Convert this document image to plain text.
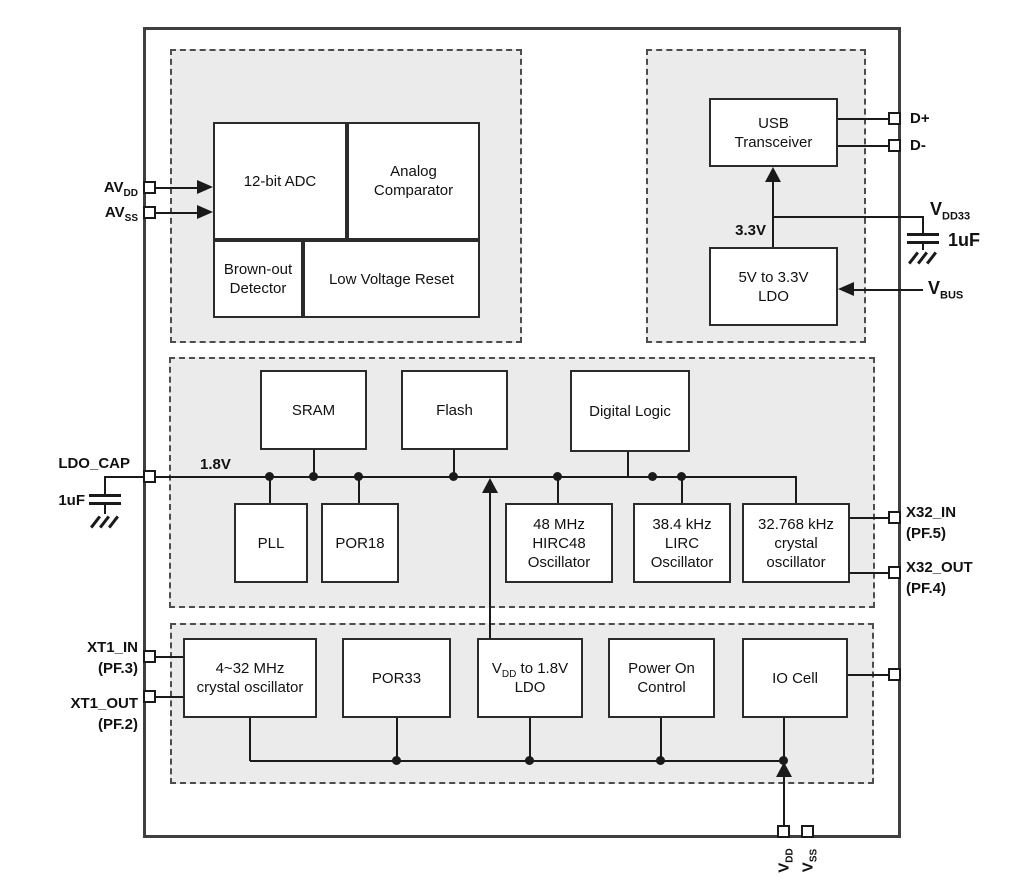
12-bit ADC
Analog
Comparator
Brown-out
Detector
Low Voltage Reset
USB
Transceiver
5V to 3.3V
LDO
SRAM	Flash	Digital Logic
PLL	POR18
48 MHz
HIRC48
Oscillator
38.4 kHz
LIRC
Oscillator
32.768 kHz
crystal
oscillator
4~32 MHz
crystal oscillator
POR33
$V_{DD}$ to 1.8V
LDO
Power On
Control
IO Cell
$AV_{DD}$
$AV_{SS}$
LDO_CAP
1uF
XT1_IN
(PF.3)
XT1_OUT
(PF.2)
D+
D-
$V_{DD33}$
1uF
$V_{BUS}$
X32_IN
(PF.5)
X32_OUT
(PF.4)
1.8V
3.3V
$V_{DD}$
$V_{SS}$
